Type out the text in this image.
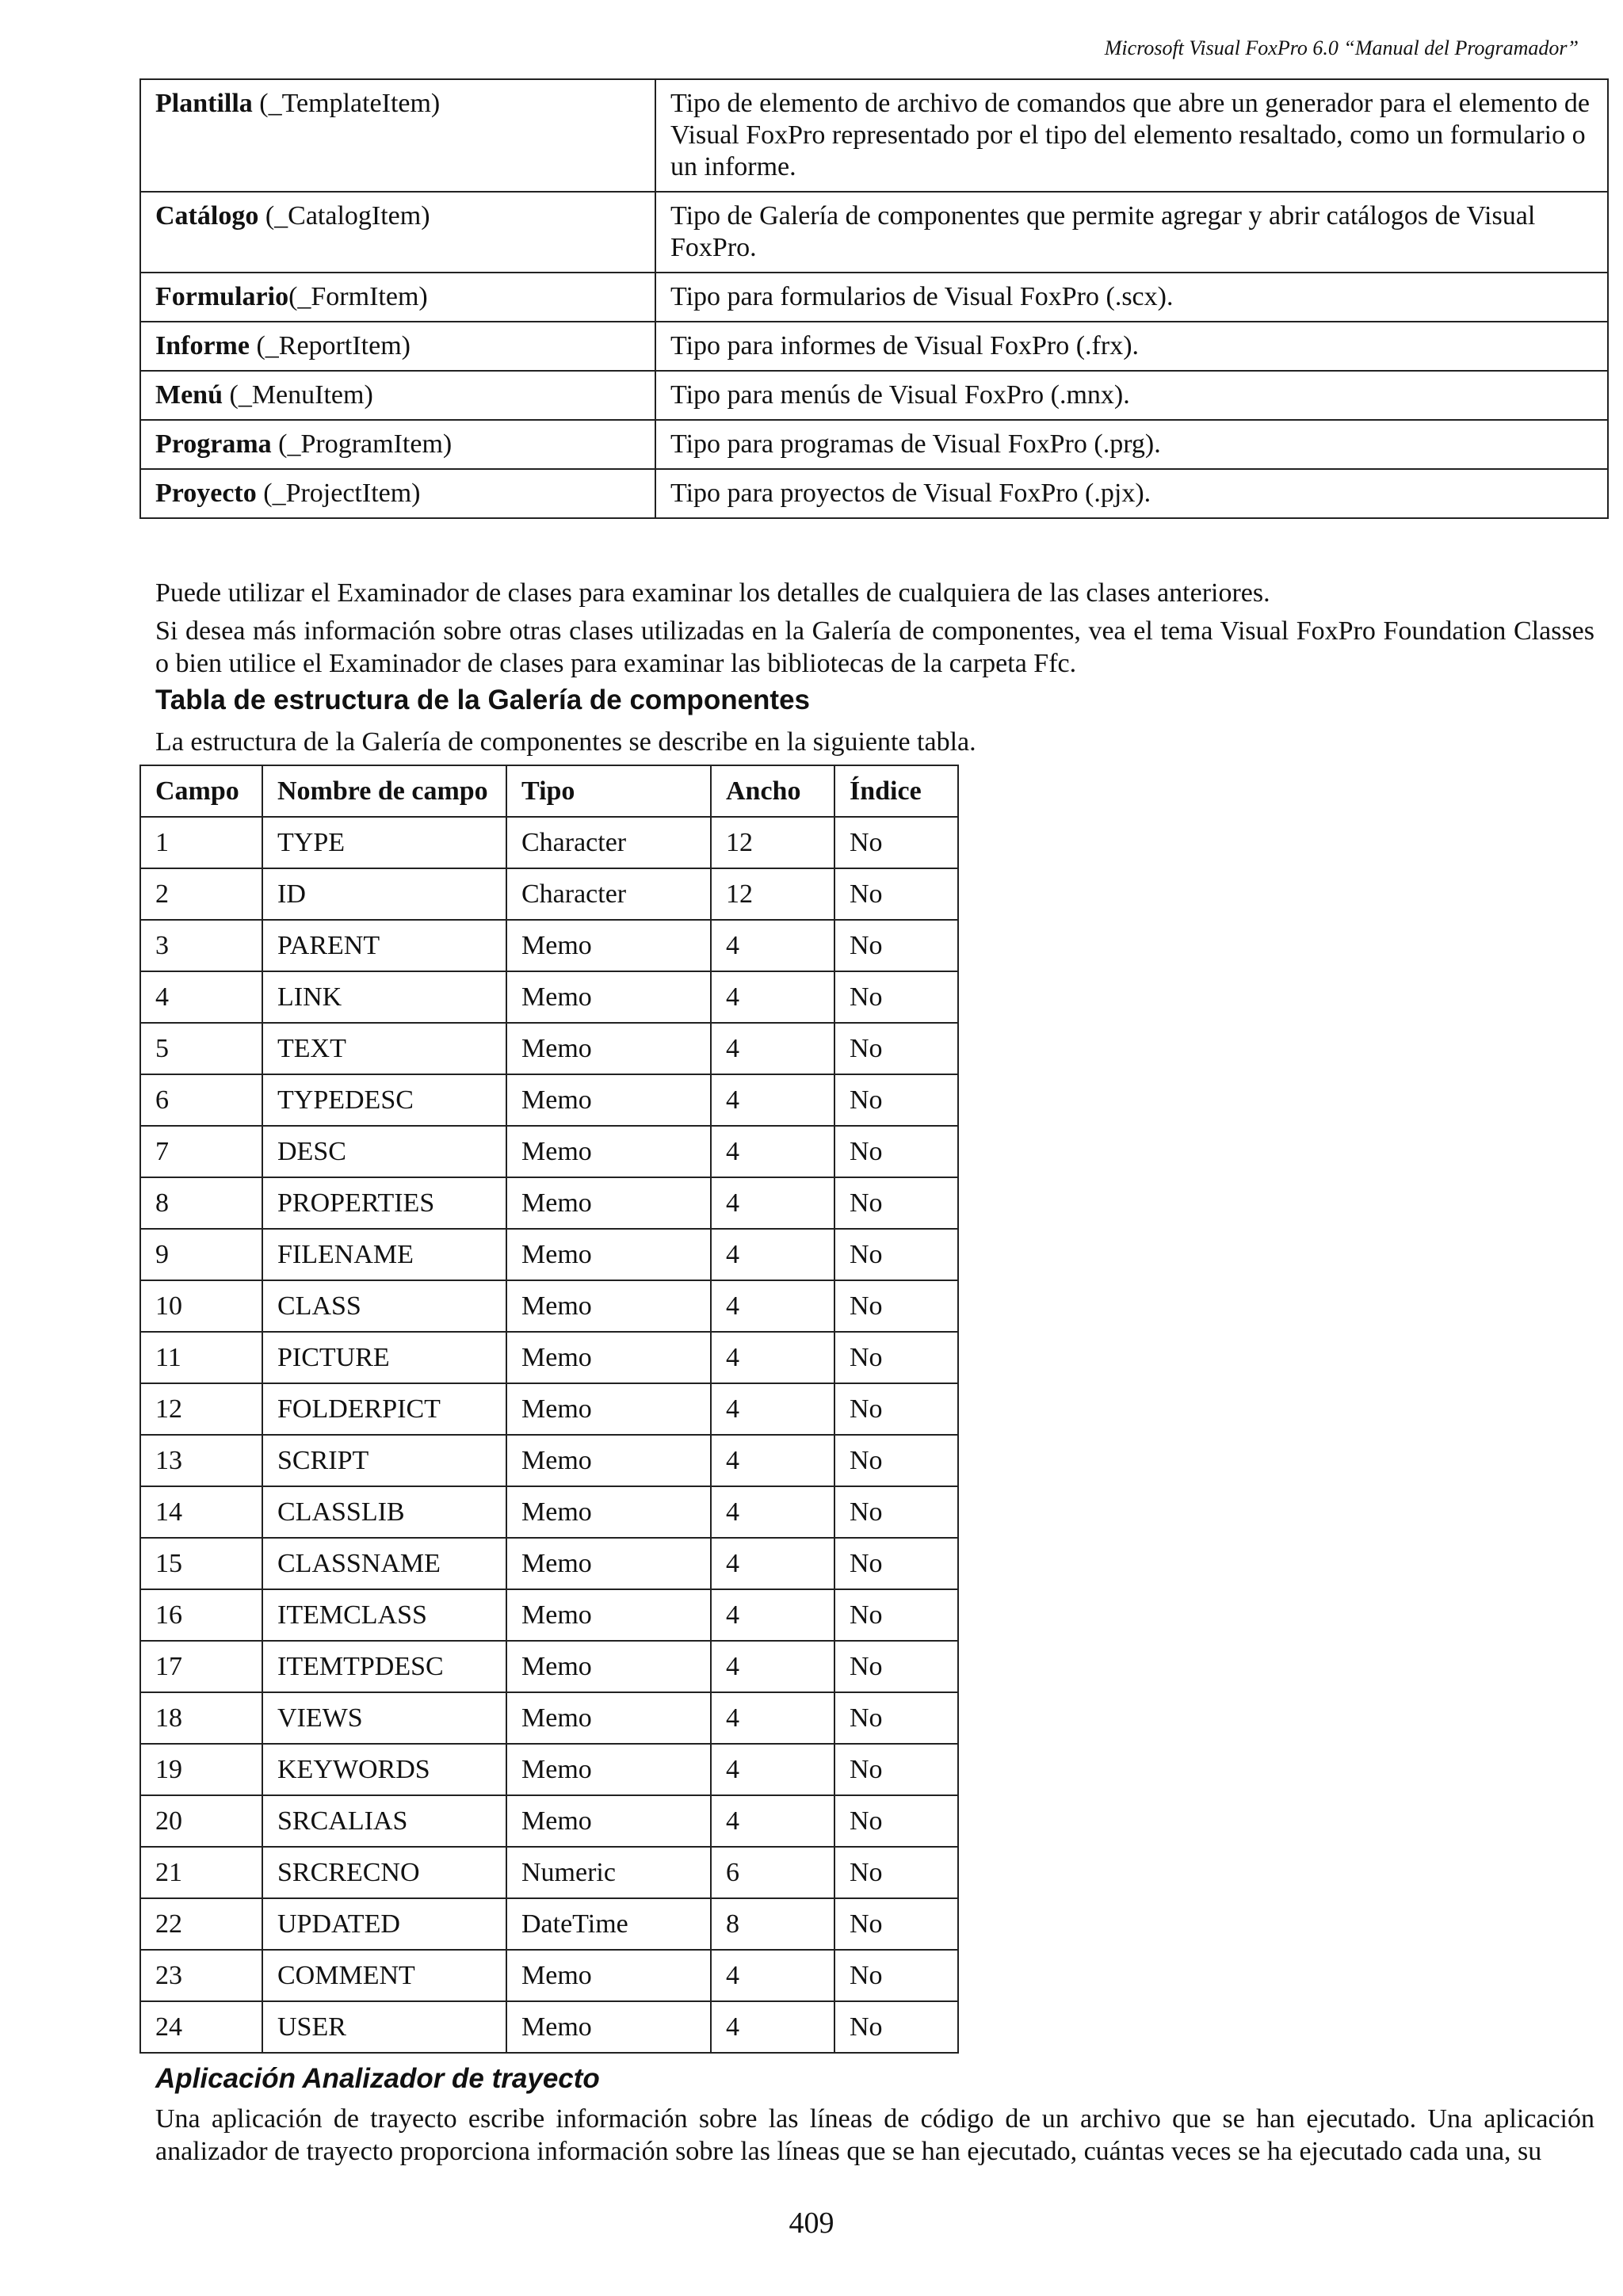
Microsoft Visual FoxPro 6.0 “Manual del Programador”
Plantilla (_TemplateItem)	Tipo de elemento de archivo de comandos que abre un generador para el elemento de Visual FoxPro representado por el tipo del elemento resaltado, como un formulario o un informe.
Catálogo (_CatalogItem)	Tipo de Galería de componentes que permite agregar y abrir catálogos de Visual FoxPro.
Formulario(_FormItem)	Tipo para formularios de Visual FoxPro (.scx).
Informe (_ReportItem)	Tipo para informes de Visual FoxPro (.frx).
Menú (_MenuItem)	Tipo para menús de Visual FoxPro (.mnx).
Programa (_ProgramItem)	Tipo para programas de Visual FoxPro (.prg).
Proyecto (_ProjectItem)	Tipo para proyectos de Visual FoxPro (.pjx).

Puede utilizar el Examinador de clases para examinar los detalles de cualquiera de las clases anteriores.

Si desea más información sobre otras clases utilizadas en la Galería de componentes, vea el tema Visual FoxPro Foundation Classes o bien utilice el Examinador de clases para examinar las bibliotecas de la carpeta Ffc.

Tabla de estructura de la Galería de componentes

La estructura de la Galería de componentes se describe en la siguiente tabla.

Campo	Nombre de campo	Tipo	Ancho	Índice
1	TYPE	Character	12	No
2	ID	Character	12	No
3	PARENT	Memo	4	No
4	LINK	Memo	4	No
5	TEXT	Memo	4	No
6	TYPEDESC	Memo	4	No
7	DESC	Memo	4	No
8	PROPERTIES	Memo	4	No
9	FILENAME	Memo	4	No
10	CLASS	Memo	4	No
11	PICTURE	Memo	4	No
12	FOLDERPICT	Memo	4	No
13	SCRIPT	Memo	4	No
14	CLASSLIB	Memo	4	No
15	CLASSNAME	Memo	4	No
16	ITEMCLASS	Memo	4	No
17	ITEMTPDESC	Memo	4	No
18	VIEWS	Memo	4	No
19	KEYWORDS	Memo	4	No
20	SRCALIAS	Memo	4	No
21	SRCRECNO	Numeric	6	No
22	UPDATED	DateTime	8	No
23	COMMENT	Memo	4	No
24	USER	Memo	4	No

Aplicación Analizador de trayecto

Una aplicación de trayecto escribe información sobre las líneas de código de un archivo que se han ejecutado. Una aplicación analizador de trayecto proporciona información sobre las líneas que se han ejecutado, cuántas veces se ha ejecutado cada una, su

409
